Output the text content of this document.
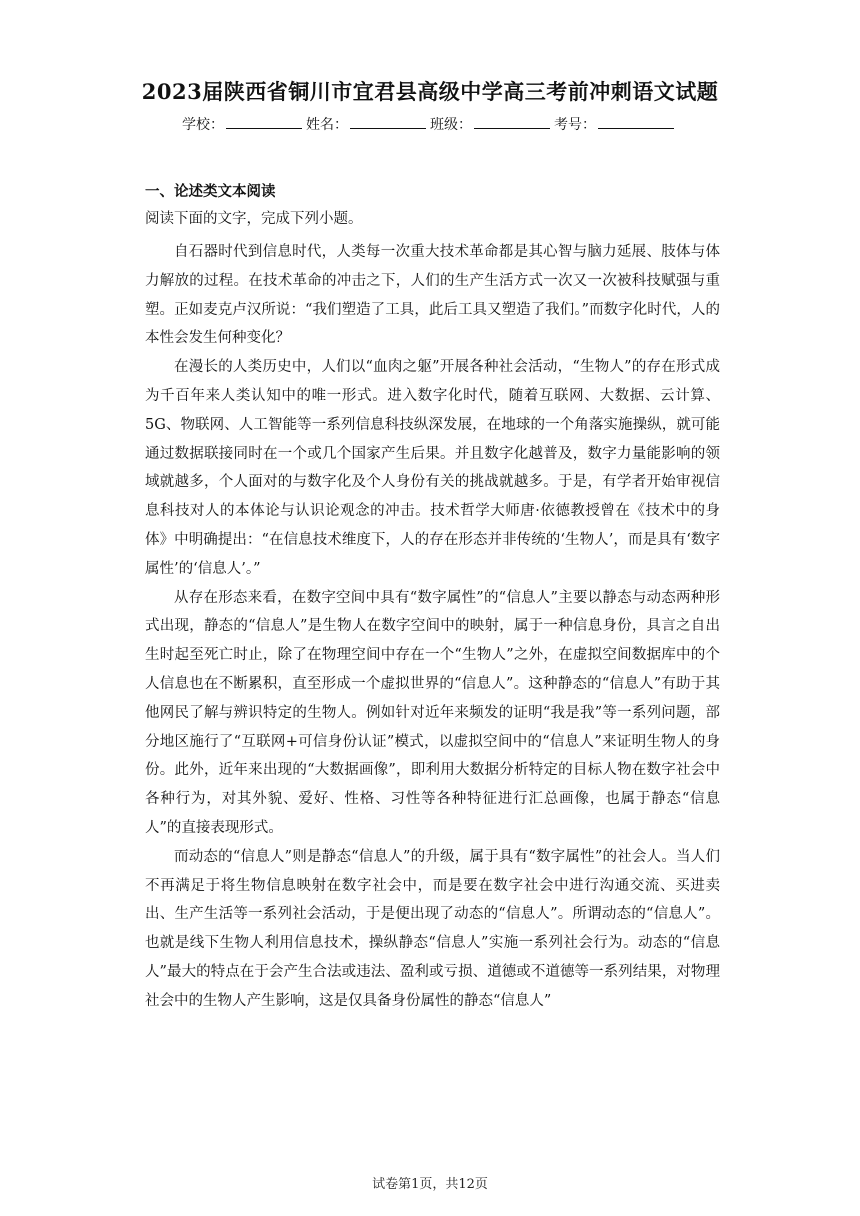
2023届陕西省铜川市宜君县高级中学高三考前冲刺语文试题
学校：	姓名：	班级：	考号：
一、论述类文本阅读
阅读下面的文字，完成下列小题。

自石器时代到信息时代，人类每一次重大技术革命都是其心智与脑力延展、肢体与体力解放的过程。在技术革命的冲击之下，人们的生产生活方式一次又一次被科技赋强与重塑。正如麦克卢汉所说：“我们塑造了工具，此后工具又塑造了我们。”而数字化时代，人的本性会发生何种变化？

在漫长的人类历史中，人们以“血肉之躯”开展各种社会活动，“生物人”的存在形式成为千百年来人类认知中的唯一形式。进入数字化时代，随着互联网、大数据、云计算、5G、物联网、人工智能等一系列信息科技纵深发展，在地球的一个角落实施操纵，就可能通过数据联接同时在一个或几个国家产生后果。并且数字化越普及，数字力量能影响的领域就越多，个人面对的与数字化及个人身份有关的挑战就越多。于是，有学者开始审视信息科技对人的本体论与认识论观念的冲击。技术哲学大师唐·依德教授曾在《技术中的身体》中明确提出：“在信息技术维度下，人的存在形态并非传统的‘生物人’，而是具有‘数字属性’的‘信息人’。”

从存在形态来看，在数字空间中具有“数字属性”的“信息人”主要以静态与动态两种形式出现，静态的“信息人”是生物人在数字空间中的映射，属于一种信息身份，具言之自出生时起至死亡时止，除了在物理空间中存在一个“生物人”之外，在虚拟空间数据库中的个人信息也在不断累积，直至形成一个虚拟世界的“信息人”。这种静态的“信息人”有助于其他网民了解与辨识特定的生物人。例如针对近年来频发的证明“我是我”等一系列问题，部分地区施行了“互联网+可信身份认证”模式，以虚拟空间中的“信息人”来证明生物人的身份。此外，近年来出现的“大数据画像”，即利用大数据分析特定的目标人物在数字社会中各种行为，对其外貌、爱好、性格、习性等各种特征进行汇总画像，也属于静态“信息人”的直接表现形式。

而动态的“信息人”则是静态“信息人”的升级，属于具有“数字属性”的社会人。当人们不再满足于将生物信息映射在数字社会中，而是要在数字社会中进行沟通交流、买进卖出、生产生活等一系列社会活动，于是便出现了动态的“信息人”。所谓动态的“信息人”。也就是线下生物人利用信息技术，操纵静态“信息人”实施一系列社会行为。动态的“信息人”最大的特点在于会产生合法或违法、盈利或亏损、道德或不道德等一系列结果，对物理社会中的生物人产生影响，这是仅具备身份属性的静态“信息人”

试卷第1页，共12页
